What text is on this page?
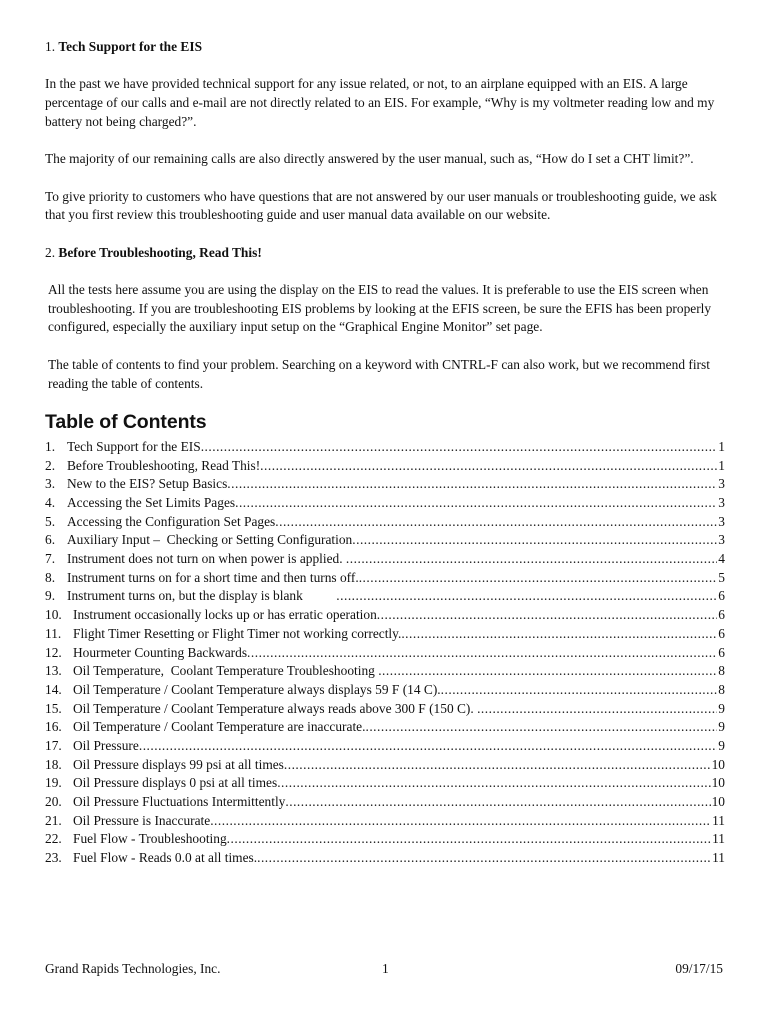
1. Tech Support for the EIS

In the past we have provided technical support for any issue related, or not, to an airplane equipped with an EIS. A large percentage of our calls and e-mail are not directly related to an EIS. For example, “Why is my voltmeter reading low and my battery not being charged?”.

The majority of our remaining calls are also directly answered by the user manual, such as, “How do I set a CHT limit?”.

To give priority to customers who have questions that are not answered by our user manuals or troubleshooting guide, we ask that you first review this troubleshooting guide and user manual data available on our website.

2. Before Troubleshooting, Read This!

All the tests here assume you are using the display on the EIS to read the values. It is preferable to use the EIS screen when troubleshooting. If you are troubleshooting EIS problems by looking at the EFIS screen, be sure the EFIS has been properly configured, especially the auxiliary input setup on the “Graphical Engine Monitor” set page.

The table of contents to find your problem. Searching on a keyword with CNTRL-F can also work, but we recommend first reading the table of contents.

Table of Contents
1. Tech Support for the EIS .....	1
2. Before Troubleshooting, Read This! .....	1
3. New to the EIS? Setup Basics .....	3
4. Accessing the Set Limits Pages .....	3
5. Accessing the Configuration Set Pages .....	3
6. Auxiliary Input –  Checking or Setting Configuration .....	3
7. Instrument does not turn on when power is applied. .....	4
8. Instrument turns on for a short time and then turns off. .....	5
9. Instrument turns on, but the display is blank .....	6
10. Instrument occasionally locks up or has erratic operation .....	6
11. Flight Timer Resetting or Flight Timer not working correctly. .....	6
12. Hourmeter Counting Backwards .....	6
13. Oil Temperature,  Coolant Temperature Troubleshooting .....	8
14. Oil Temperature / Coolant Temperature always displays 59 F (14 C). .....	8
15. Oil Temperature / Coolant Temperature always reads above 300 F (150 C). .....	9
16. Oil Temperature / Coolant Temperature are inaccurate. .....	9
17. Oil Pressure .....	9
18. Oil Pressure displays 99 psi at all times .....	10
19. Oil Pressure displays 0 psi at all times .....	10
20. Oil Pressure Fluctuations Intermittently .....	10
21. Oil Pressure is Inaccurate .....	11
22. Fuel Flow - Troubleshooting .....	11
23. Fuel Flow - Reads 0.0 at all times. .....	11
Grand Rapids Technologies, Inc.	1	09/17/15
